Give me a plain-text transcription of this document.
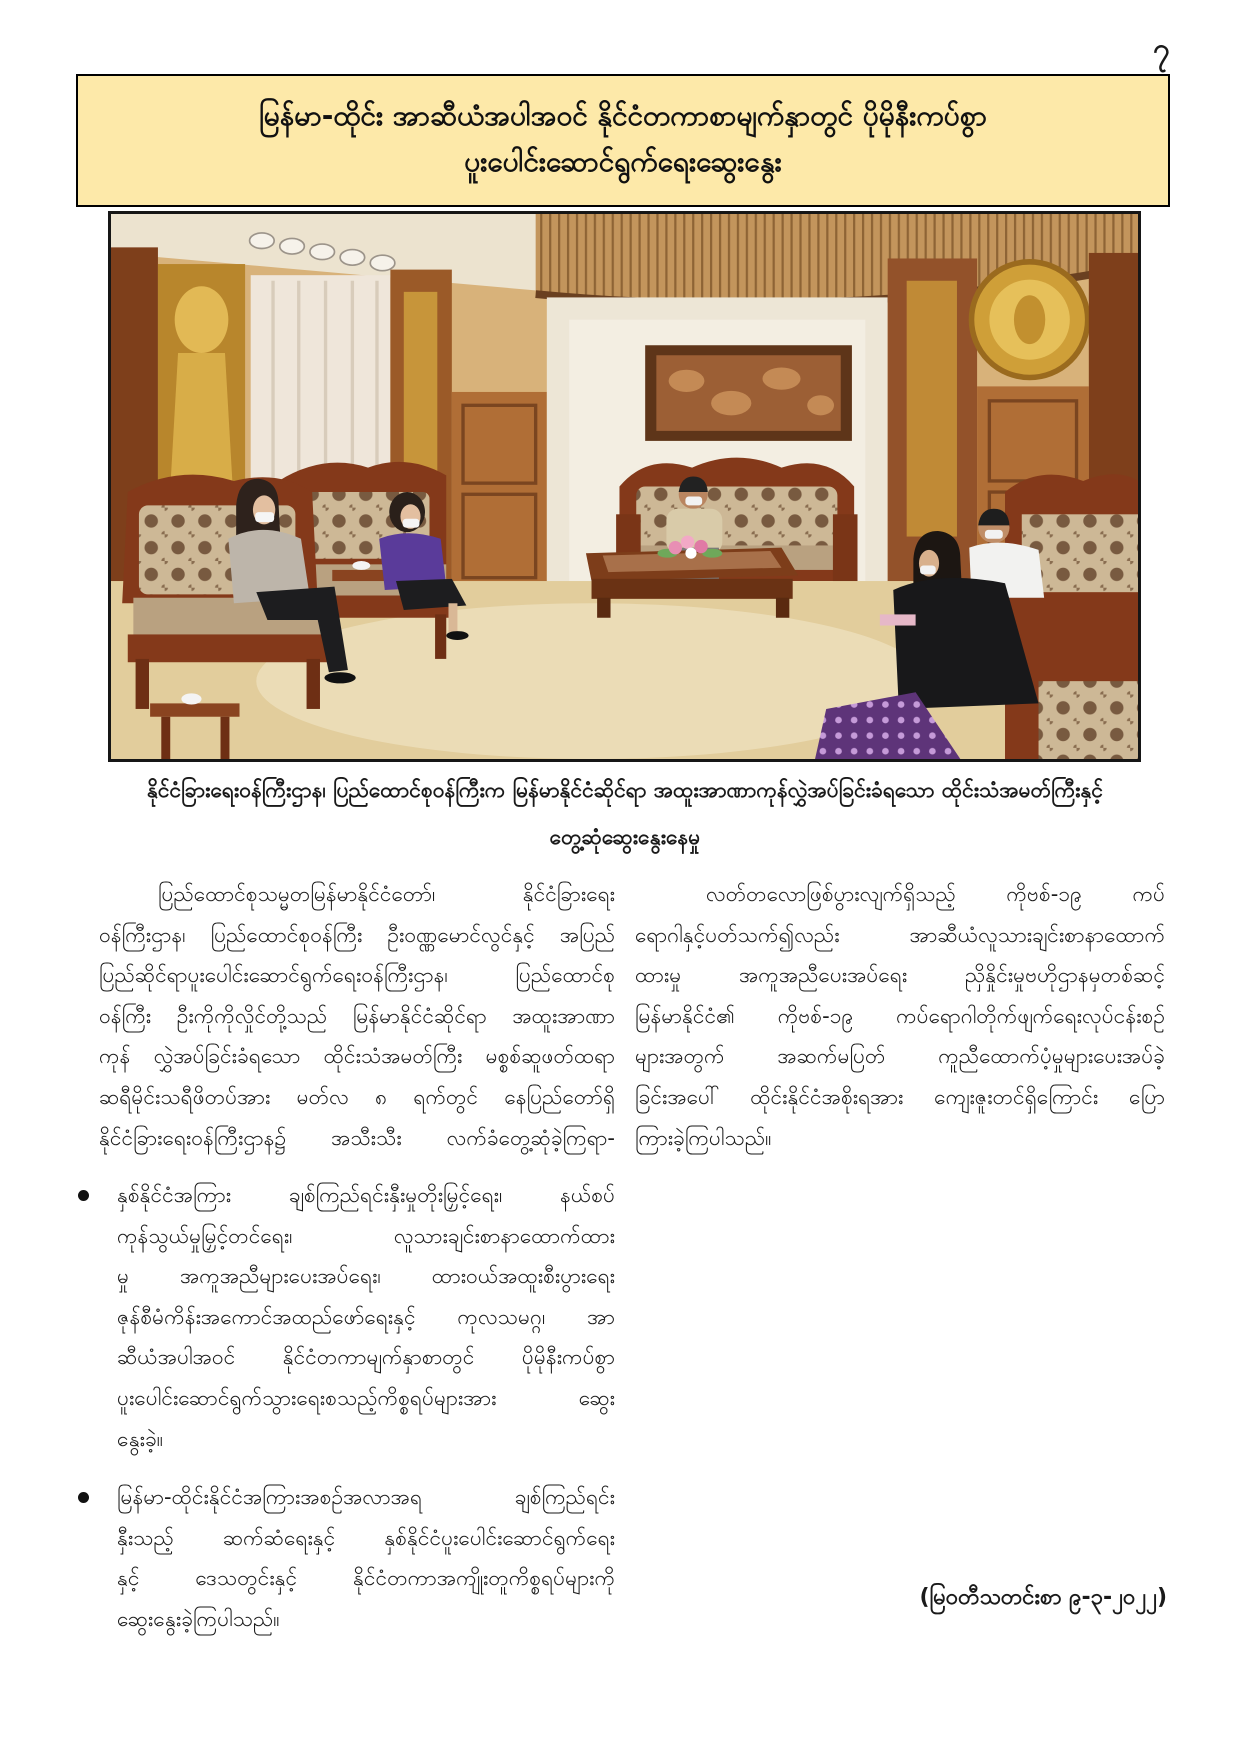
၇
မြန်မာ-ထိုင်း အာဆီယံအပါအဝင် နိုင်ငံတကာစာမျက်နှာတွင် ပိုမိုနီးကပ်စွာ
ပူးပေါင်းဆောင်ရွက်ရေးဆွေးနွေး
နိုင်ငံခြားရေးဝန်ကြီးဌာန၊ ပြည်ထောင်စုဝန်ကြီးက မြန်မာနိုင်ငံဆိုင်ရာ အထူးအာဏာကုန်လွှဲအပ်ခြင်းခံရသော ထိုင်းသံအမတ်ကြီးနှင့်
တွေ့ဆုံဆွေးနွေးနေမှု
ပြည်ထောင်စုသမ္မတမြန်မာနိုင်ငံတော်၊ နိုင်ငံခြားရေး
ဝန်ကြီးဌာန၊ ပြည်ထောင်စုဝန်ကြီး ဦးဝဏ္ဏမောင်လွင်နှင့် အပြည်
ပြည်ဆိုင်ရာပူးပေါင်းဆောင်ရွက်ရေးဝန်ကြီးဌာန၊ ပြည်ထောင်စု
ဝန်ကြီး ဦးကိုကိုလှိုင်တို့သည် မြန်မာနိုင်ငံဆိုင်ရာ အထူးအာဏာ
ကုန် လွှဲအပ်ခြင်းခံရသော ထိုင်းသံအမတ်ကြီး မစ္စစ်ဆူဖတ်ထရာ
ဆရီမိုင်းသရီဖိတပ်အား မတ်လ ၈ ရက်တွင် နေပြည်တော်ရှိ
နိုင်ငံခြားရေးဝန်ကြီးဌာန၌ အသီးသီး လက်ခံတွေ့ဆုံခဲ့ကြရာ-
နှစ်နိုင်ငံအကြား ချစ်ကြည်ရင်းနှီးမှုတိုးမြှင့်ရေး၊ နယ်စပ်
ကုန်သွယ်မှုမြှင့်တင်ရေး၊ လူသားချင်းစာနာထောက်ထား
မှု အကူအညီများပေးအပ်ရေး၊ ထားဝယ်အထူးစီးပွားရေး
ဇုန်စီမံကိန်းအကောင်အထည်ဖော်ရေးနှင့် ကုလသမဂ္ဂ၊ အာ
ဆီယံအပါအဝင် နိုင်ငံတကာမျက်နှာစာတွင် ပိုမိုနီးကပ်စွာ
ပူးပေါင်းဆောင်ရွက်သွားရေးစသည့်ကိစ္စရပ်များအား ဆွေး
နွေးခဲ့။
မြန်မာ-ထိုင်းနိုင်ငံအကြားအစဉ်အလာအရ ချစ်ကြည်ရင်း
နှီးသည့် ဆက်ဆံရေးနှင့် နှစ်နိုင်ငံပူးပေါင်းဆောင်ရွက်ရေး
နှင့် ဒေသတွင်းနှင့် နိုင်ငံတကာအကျိုးတူကိစ္စရပ်များကို
ဆွေးနွေးခဲ့ကြပါသည်။
လတ်တလောဖြစ်ပွားလျက်ရှိသည့် ကိုဗစ်-၁၉ ကပ်
ရောဂါနှင့်ပတ်သက်၍လည်း အာဆီယံလူသားချင်းစာနာထောက်
ထားမှု အကူအညီပေးအပ်ရေး ညှိနှိုင်းမှုဗဟိုဌာနမှတစ်ဆင့်
မြန်မာနိုင်ငံ၏ ကိုဗစ်-၁၉ ကပ်ရောဂါတိုက်ဖျက်ရေးလုပ်ငန်းစဉ်
များအတွက် အဆက်မပြတ် ကူညီထောက်ပံ့မှုများပေးအပ်ခဲ့
ခြင်းအပေါ် ထိုင်းနိုင်ငံအစိုးရအား ကျေးဇူးတင်ရှိကြောင်း ပြော
ကြားခဲ့ကြပါသည်။
(မြဝတီသတင်းစာ ၉-၃-၂၀၂၂)
